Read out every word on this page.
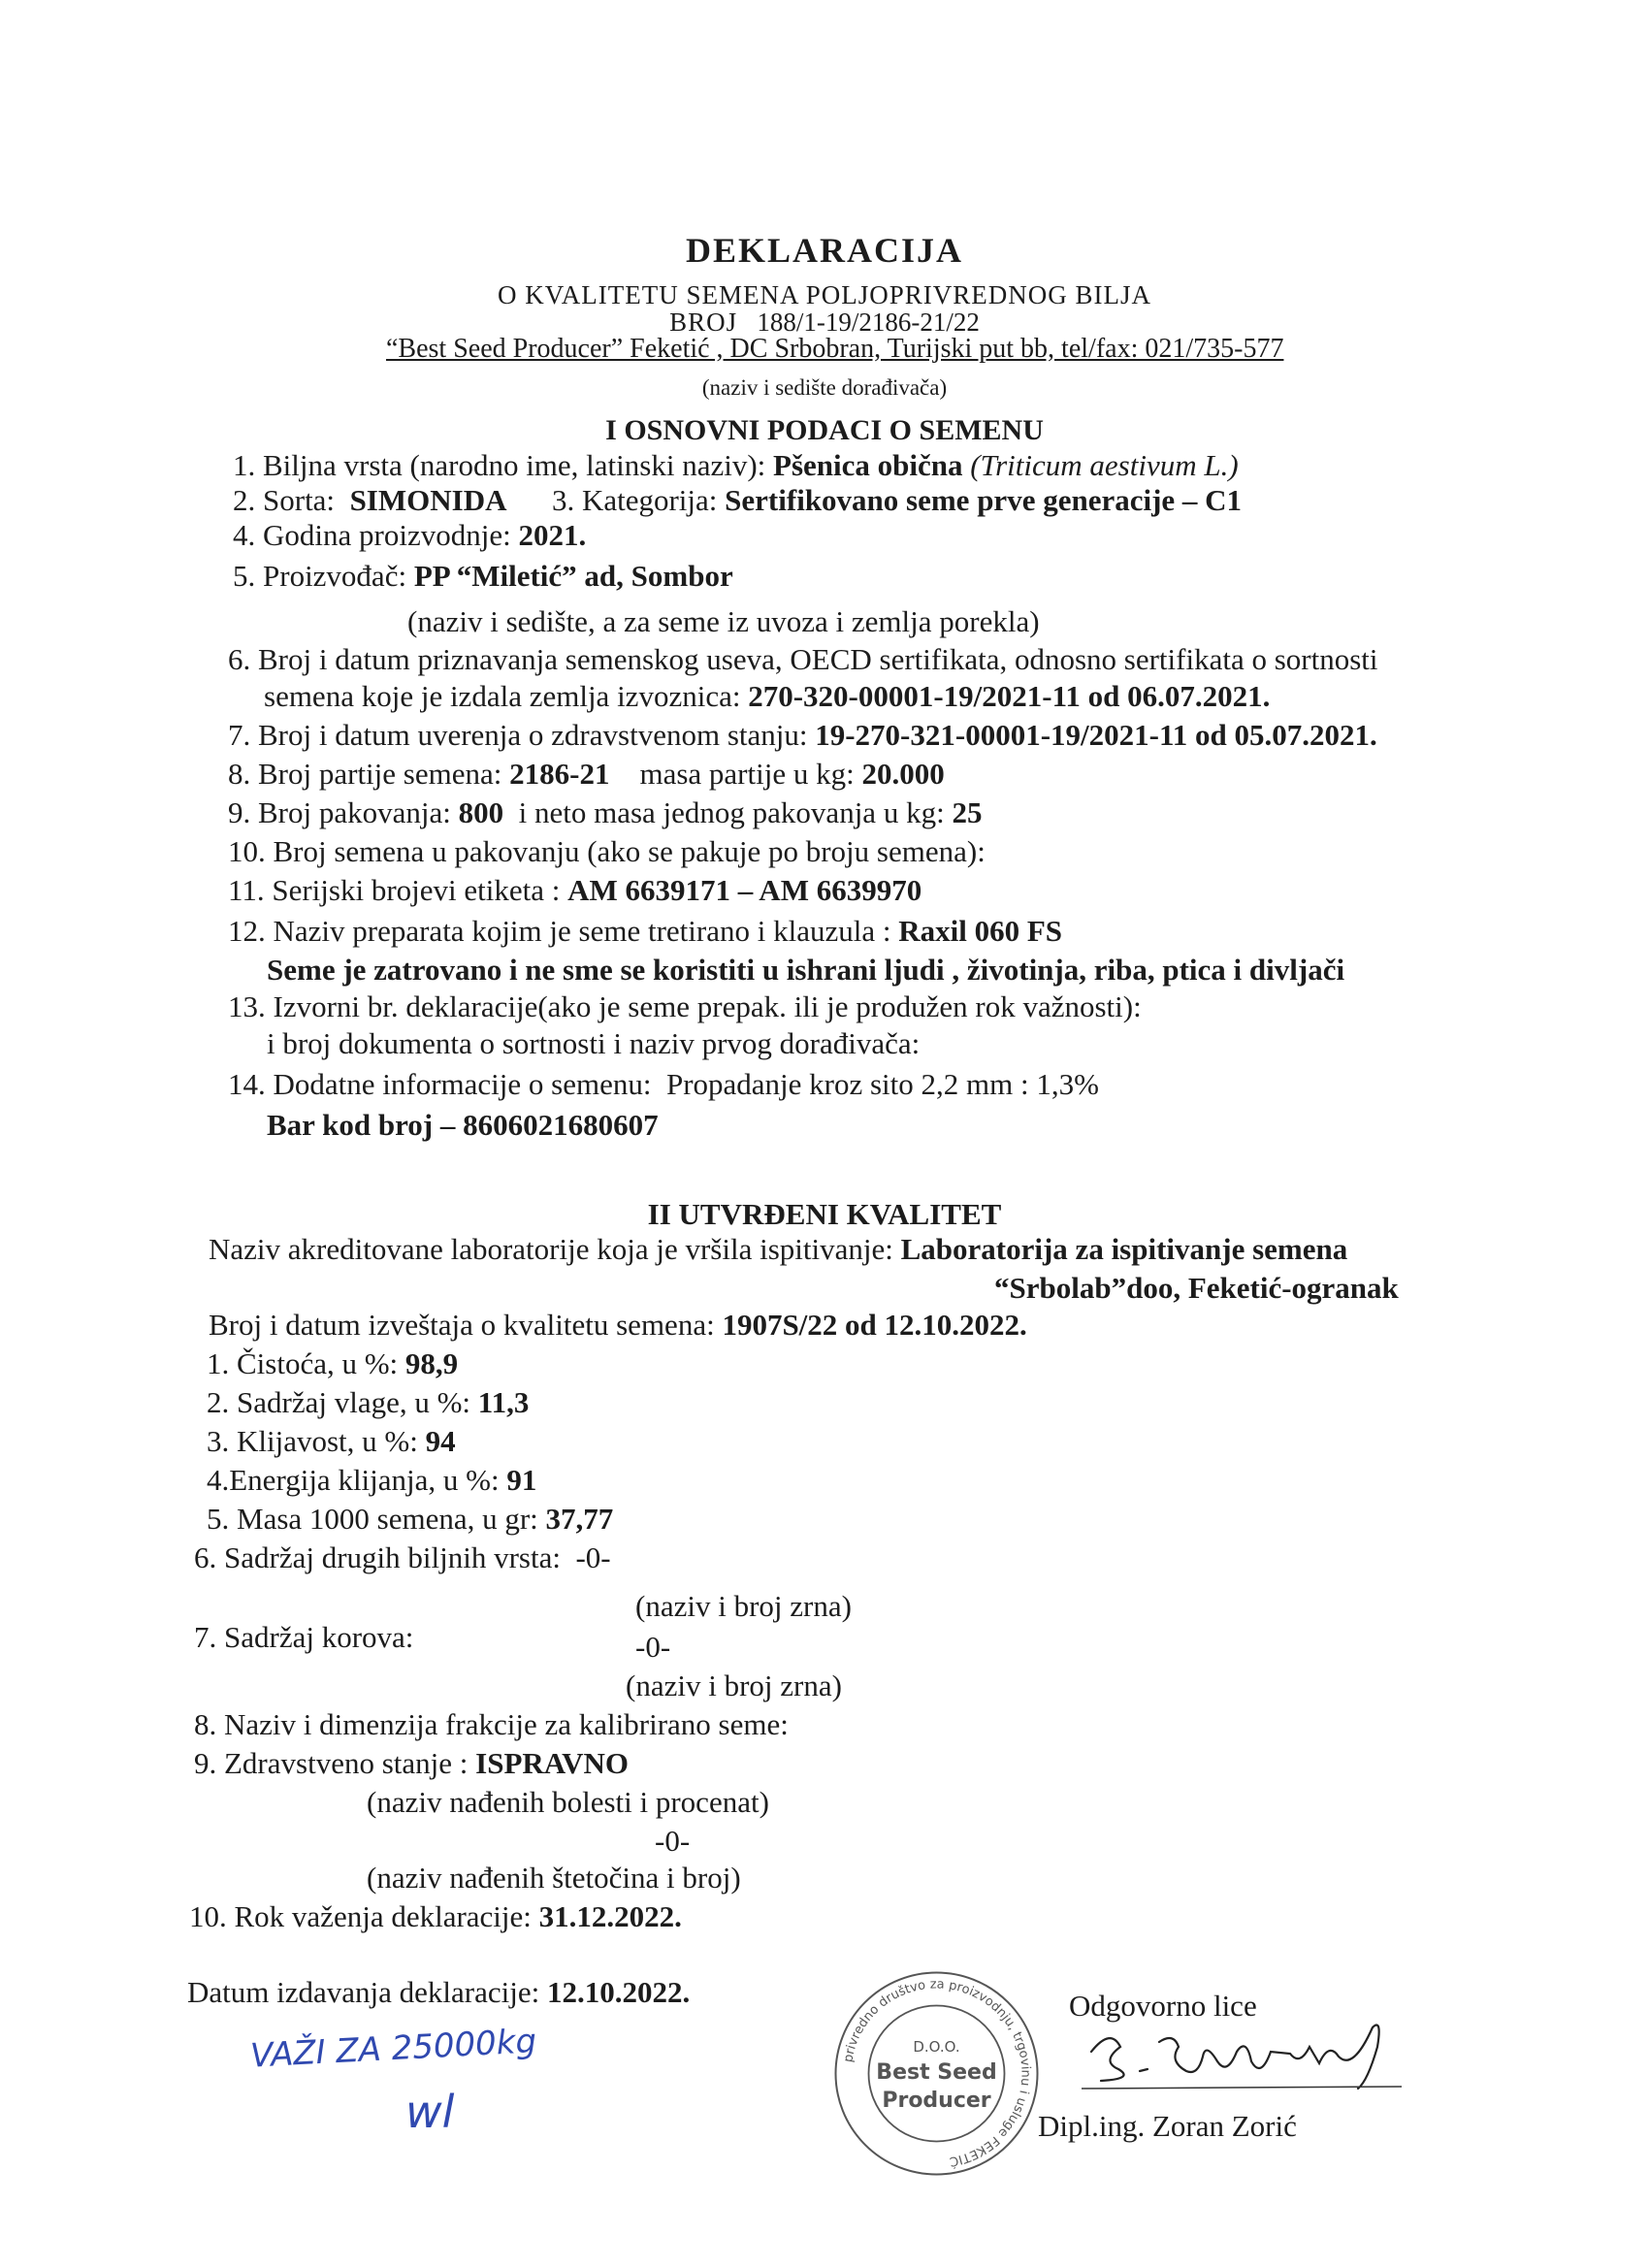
DEKLARACIJA
O KVALITETU SEMENA POLJOPRIVREDNOG BILJA
BROJ 188/1-19/2186-21/22
“Best Seed Producer” Feketić , DC Srbobran, Turijski put bb, tel/fax: 021/735-577
(naziv i sedište dorađivača)
I OSNOVNI PODACI O SEMENU
1. Biljna vrsta (narodno ime, latinski naziv): Pšenica obična (Triticum aestivum L.)
2. Sorta: SIMONIDA 3. Kategorija: Sertifikovano seme prve generacije – C1
4. Godina proizvodnje: 2021.
5. Proizvođač: PP “Miletić” ad, Sombor
(naziv i sedište, a za seme iz uvoza i zemlja porekla)
6. Broj i datum priznavanja semenskog useva, OECD sertifikata, odnosno sertifikata o sortnosti
semena koje je izdala zemlja izvoznica: 270-320-00001-19/2021-11 od 06.07.2021.
7. Broj i datum uverenja o zdravstvenom stanju: 19-270-321-00001-19/2021-11 od 05.07.2021.
8. Broj partije semena: 2186-21 masa partije u kg: 20.000
9. Broj pakovanja: 800 i neto masa jednog pakovanja u kg: 25
10. Broj semena u pakovanju (ako se pakuje po broju semena):
11. Serijski brojevi etiketa : AM 6639171 – AM 6639970
12. Naziv preparata kojim je seme tretirano i klauzula : Raxil 060 FS
Seme je zatrovano i ne sme se koristiti u ishrani ljudi , životinja, riba, ptica i divljači
13. Izvorni br. deklaracije(ako je seme prepak. ili je produžen rok važnosti):
i broj dokumenta o sortnosti i naziv prvog dorađivača:
14. Dodatne informacije o semenu: Propadanje kroz sito 2,2 mm : 1,3%
Bar kod broj – 8606021680607
II UTVRĐENI KVALITET
Naziv akreditovane laboratorije koja je vršila ispitivanje: Laboratorija za ispitivanje semena
“Srbolab”doo, Feketić-ogranak
Broj i datum izveštaja o kvalitetu semena: 1907S/22 od 12.10.2022.
1. Čistoća, u %: 98,9
2. Sadržaj vlage, u %: 11,3
3. Klijavost, u %: 94
4.Energija klijanja, u %: 91
5. Masa 1000 semena, u gr: 37,77
6. Sadržaj drugih biljnih vrsta: -0-
(naziv i broj zrna)
7. Sadržaj korova:	-0-
(naziv i broj zrna)
8. Naziv i dimenzija frakcije za kalibrirano seme:
9. Zdravstveno stanje : ISPRAVNO
(naziv nađenih bolesti i procenat)
-0-
(naziv nađenih štetočina i broj)
10. Rok važenja deklaracije: 31.12.2022.
Datum izdavanja deklaracije: 12.10.2022.	Odgovorno lice
Dipl.ing. Zoran Zorić
VAŽI ZA 25000kg
wl
privredno društvo za proizvodnju, trgovinu i usluge FEKETIĆ
D.O.O.
Best Seed
Producer
